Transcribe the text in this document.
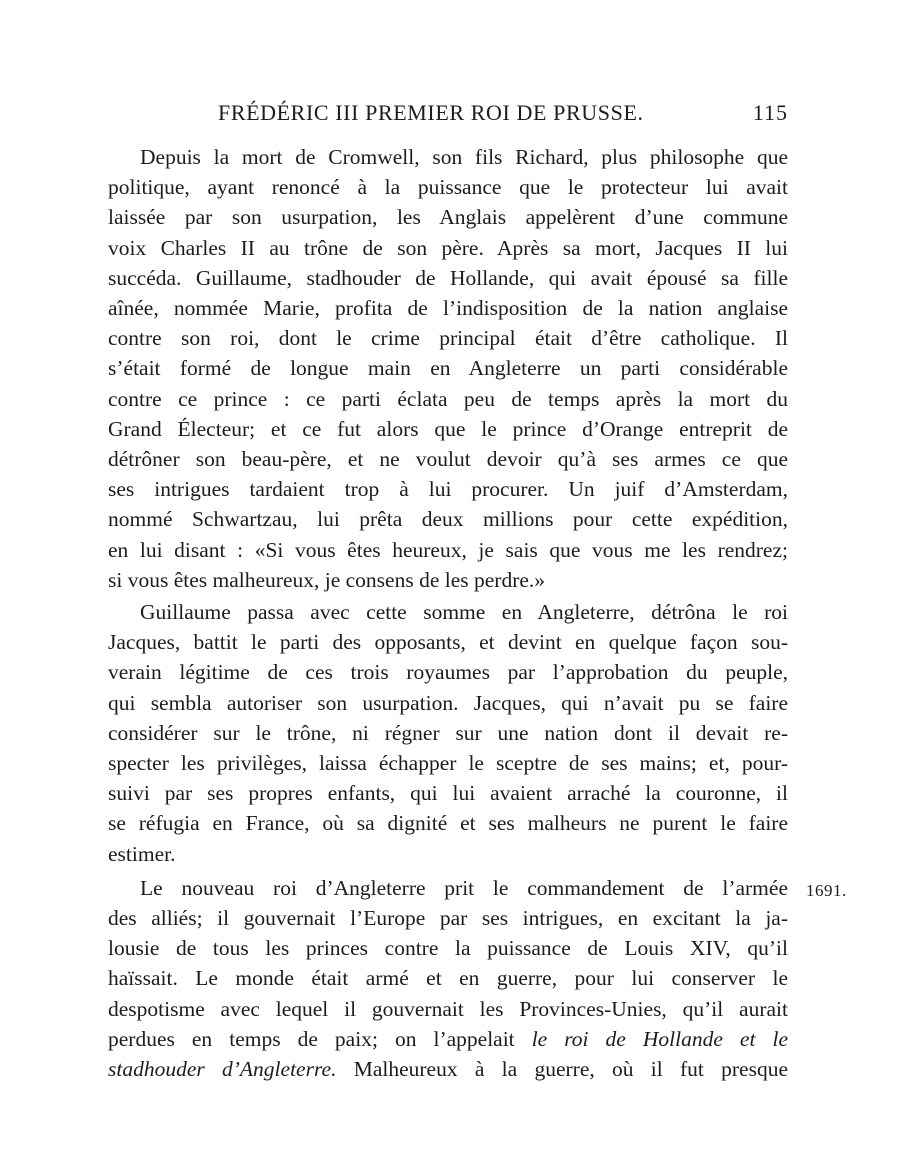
FRÉDÉRIC III PREMIER ROI DE PRUSSE.	115
1691.
Depuis la mort de Cromwell, son fils Richard, plus philosophe que
politique, ayant renoncé à la puissance que le protecteur lui avait
laissée par son usurpation, les Anglais appelèrent d’une commune
voix Charles II au trône de son père. Après sa mort, Jacques II lui
succéda. Guillaume, stadhouder de Hollande, qui avait épousé sa fille
aînée, nommée Marie, profita de l’indisposition de la nation anglaise
contre son roi, dont le crime principal était d’être catholique. Il
s’était formé de longue main en Angleterre un parti considérable
contre ce prince : ce parti éclata peu de temps après la mort du
Grand Électeur; et ce fut alors que le prince d’Orange entreprit de
détrôner son beau-père, et ne voulut devoir qu’à ses armes ce que
ses intrigues tardaient trop à lui procurer. Un juif d’Amsterdam,
nommé Schwartzau, lui prêta deux millions pour cette expédition,
en lui disant : «Si vous êtes heureux, je sais que vous me les rendrez;
si vous êtes malheureux, je consens de les perdre.»
Guillaume passa avec cette somme en Angleterre, détrôna le roi
Jacques, battit le parti des opposants, et devint en quelque façon sou-
verain légitime de ces trois royaumes par l’approbation du peuple,
qui sembla autoriser son usurpation. Jacques, qui n’avait pu se faire
considérer sur le trône, ni régner sur une nation dont il devait re-
specter les privilèges, laissa échapper le sceptre de ses mains; et, pour-
suivi par ses propres enfants, qui lui avaient arraché la couronne, il
se réfugia en France, où sa dignité et ses malheurs ne purent le faire
estimer.
Le nouveau roi d’Angleterre prit le commandement de l’armée
des alliés; il gouvernait l’Europe par ses intrigues, en excitant la ja-
lousie de tous les princes contre la puissance de Louis XIV, qu’il
haïssait. Le monde était armé et en guerre, pour lui conserver le
despotisme avec lequel il gouvernait les Provinces-Unies, qu’il aurait
perdues en temps de paix; on l’appelait le roi de Hollande et le
stadhouder d’Angleterre. Malheureux à la guerre, où il fut presque
